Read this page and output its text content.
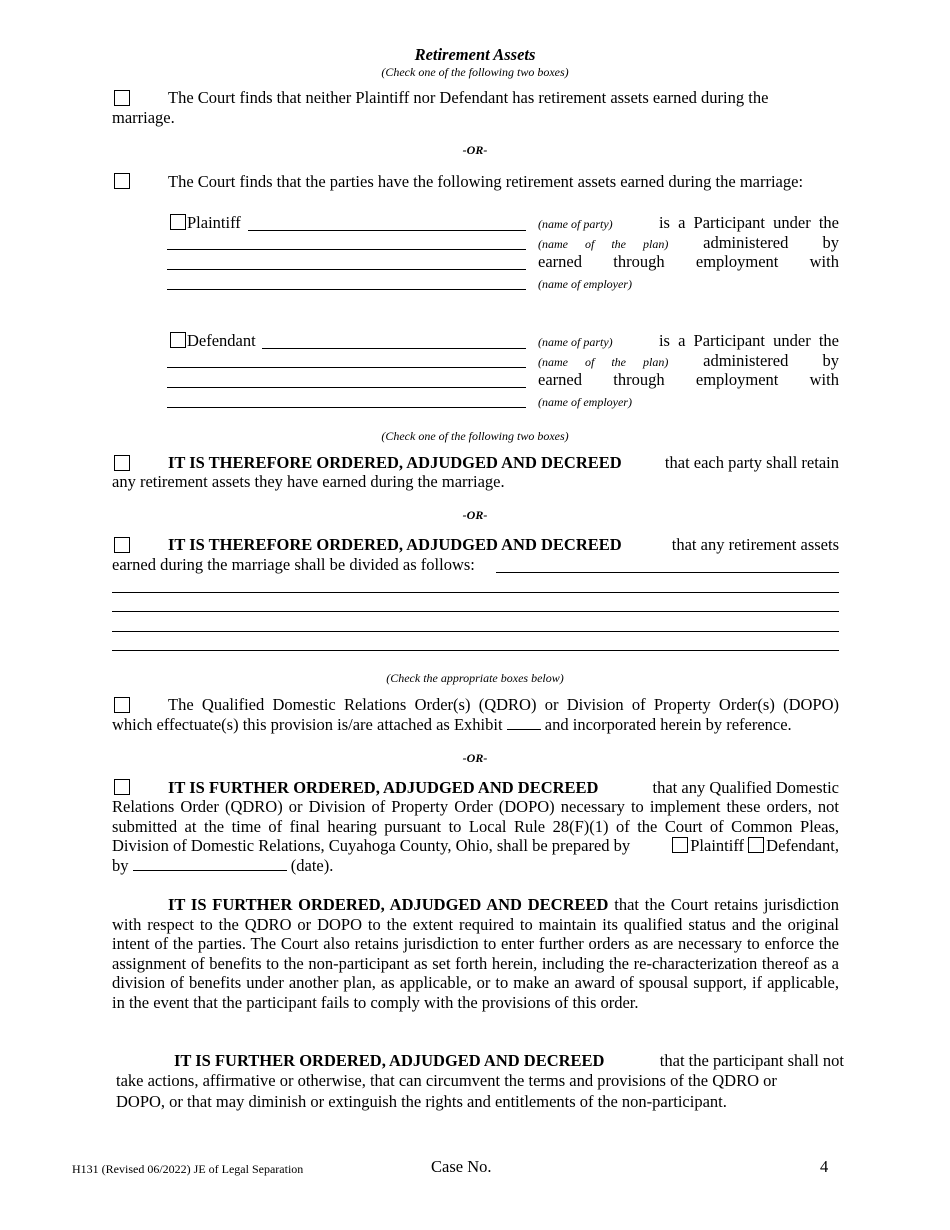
Retirement Assets
(Check one of the following two boxes)
The Court finds that neither Plaintiff nor Defendant has retirement assets earned during the
marriage.
-OR-
The Court finds that the parties have the following retirement assets earned during the marriage:
Plaintiff	(name of party)	is a Participant under the
(name of the plan) administered by
earned through employment with
(name of employer)
Defendant	(name of party)	is a Participant under the
(name of the plan) administered by
earned through employment with
(name of employer)
(Check one of the following two boxes)
IT IS THEREFORE ORDERED, ADJUDGED AND DECREED	that each party shall retain
any retirement assets they have earned during the marriage.
-OR-
IT IS THEREFORE ORDERED, ADJUDGED AND DECREED	that any retirement assets
earned during the marriage shall be divided as follows:
(Check the appropriate boxes below)
The Qualified Domestic Relations Order(s) (QDRO) or Division of Property Order(s) (DOPO)
which effectuate(s) this provision is/are attached as Exhibit	and incorporated herein by reference.
-OR-
IT IS FURTHER ORDERED, ADJUDGED AND DECREED	that any Qualified Domestic
Relations Order (QDRO) or Division of Property Order (DOPO) necessary to implement these orders, not
submitted at the time of final hearing pursuant to Local Rule 28(F)(1) of the Court of Common Pleas,
Division of Domestic Relations, Cuyahoga County, Ohio, shall be prepared by	Plaintiff Defendant,
by	(date).
IT IS FURTHER ORDERED, ADJUDGED AND DECREED that the Court retains jurisdiction with respect to the QDRO or DOPO to the extent required to maintain its qualified status and the original intent of the parties. The Court also retains jurisdiction to enter further orders as are necessary to enforce the assignment of benefits to the non-participant as set forth herein, including the re-characterization thereof as a division of benefits under another plan, as applicable, or to make an award of spousal support, if applicable, in the event that the participant fails to comply with the provisions of this order.
IT IS FURTHER ORDERED, ADJUDGED AND DECREED	that the participant shall not
take actions, affirmative or otherwise, that can circumvent the terms and provisions of the QDRO or
DOPO, or that may diminish or extinguish the rights and entitlements of the non-participant.
H131 (Revised 06/2022) JE of Legal Separation	Case No.	4
